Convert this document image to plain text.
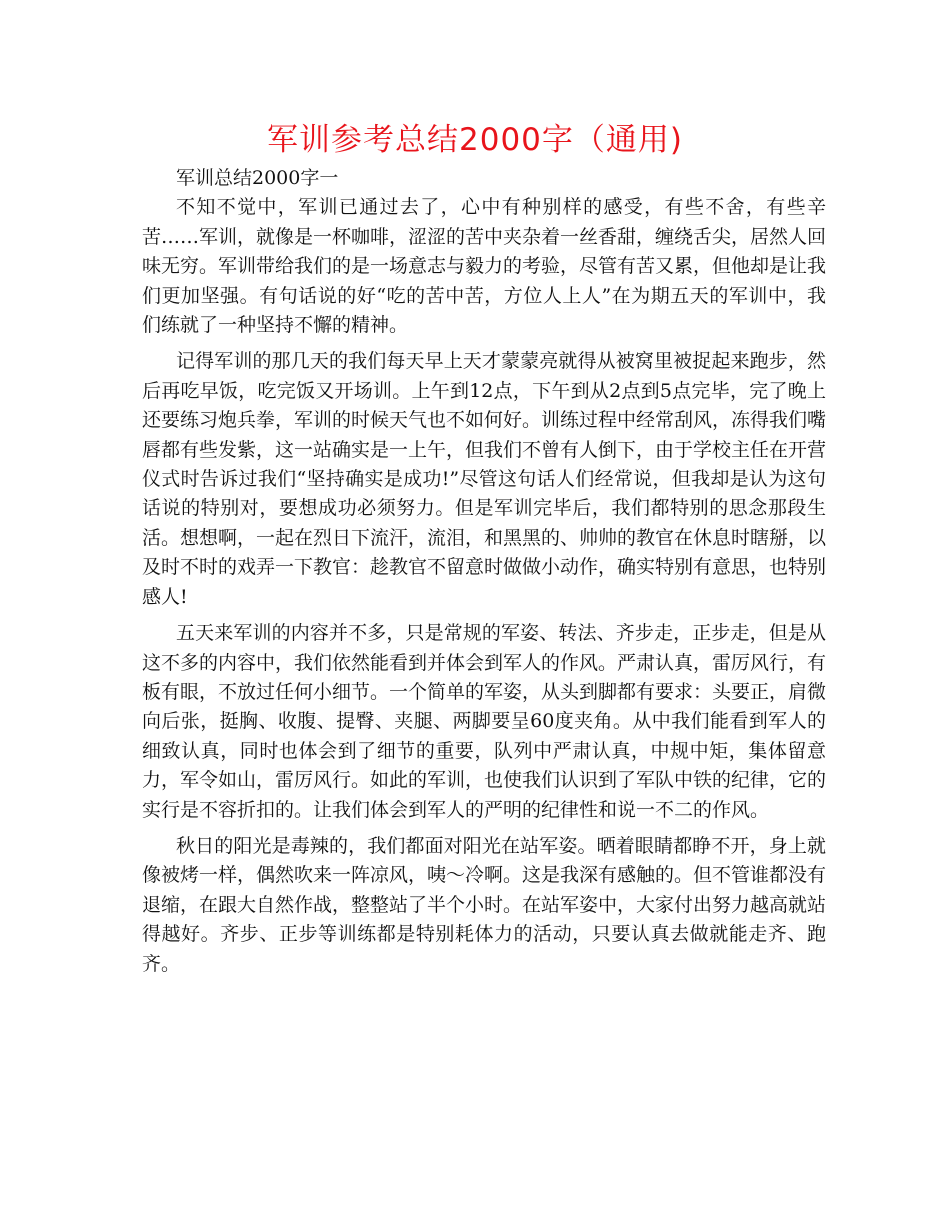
军训参考总结2000字（通用)

军训总结2000字一

不知不觉中，军训已通过去了，心中有种别样的感受，有些不舍，有些辛苦……军训，就像是一杯咖啡，涩涩的苦中夹杂着一丝香甜，缠绕舌尖，居然人回味无穷。军训带给我们的是一场意志与毅力的考验，尽管有苦又累，但他却是让我们更加坚强。有句话说的好“吃的苦中苦，方位人上人”在为期五天的军训中，我们练就了一种坚持不懈的精神。

记得军训的那几天的我们每天早上天才蒙蒙亮就得从被窝里被捉起来跑步，然后再吃早饭，吃完饭又开场训。上午到12点，下午到从2点到5点完毕，完了晚上还要练习炮兵拳，军训的时候天气也不如何好。训练过程中经常刮风，冻得我们嘴唇都有些发紫，这一站确实是一上午，但我们不曾有人倒下，由于学校主任在开营仪式时告诉过我们“坚持确实是成功!”尽管这句话人们经常说，但我却是认为这句话说的特别对，要想成功必须努力。但是军训完毕后，我们都特别的思念那段生活。想想啊，一起在烈日下流汗，流泪，和黑黑的、帅帅的教官在休息时瞎掰，以及时不时的戏弄一下教官：趁教官不留意时做做小动作，确实特别有意思，也特别感人!

五天来军训的内容并不多，只是常规的军姿、转法、齐步走，正步走，但是从这不多的内容中，我们依然能看到并体会到军人的作风。严肃认真，雷厉风行，有板有眼，不放过任何小细节。一个简单的军姿，从头到脚都有要求：头要正，肩微向后张，挺胸、收腹、提臀、夹腿、两脚要呈60度夹角。从中我们能看到军人的细致认真，同时也体会到了细节的重要，队列中严肃认真，中规中矩，集体留意力，军令如山，雷厉风行。如此的军训，也使我们认识到了军队中铁的纪律，它的实行是不容折扣的。让我们体会到军人的严明的纪律性和说一不二的作风。

秋日的阳光是毒辣的，我们都面对阳光在站军姿。晒着眼睛都睁不开，身上就像被烤一样，偶然吹来一阵凉风，咦～冷啊。这是我深有感触的。但不管谁都没有退缩，在跟大自然作战，整整站了半个小时。在站军姿中，大家付出努力越高就站得越好。齐步、正步等训练都是特别耗体力的活动，只要认真去做就能走齐、跑齐。
